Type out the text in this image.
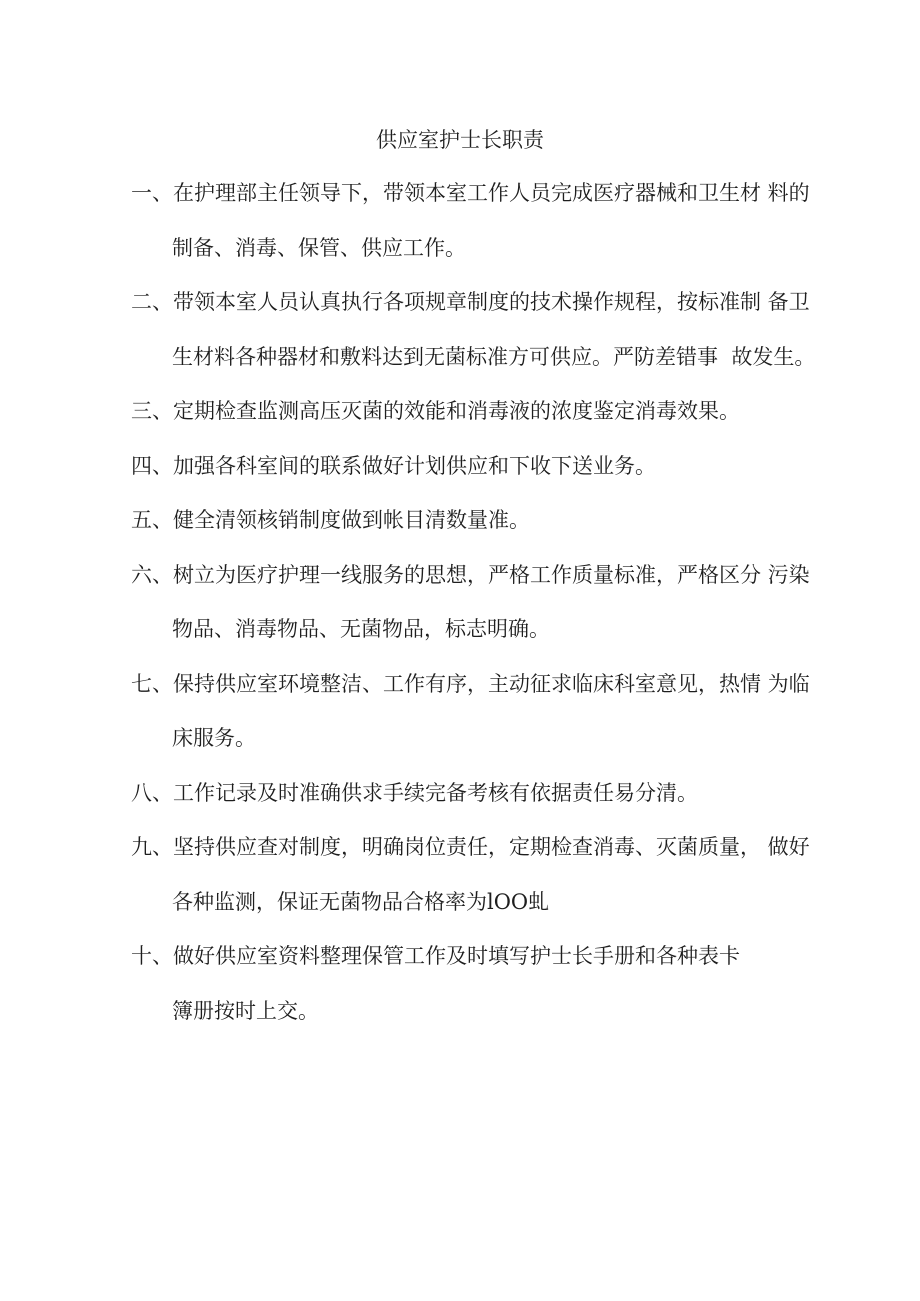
供应室护士长职责
一、在护理部主任领导下，带领本室工作人员完成医疗器械和卫生材 料的
制备、消毒、保管、供应工作。
二、带领本室人员认真执行各项规章制度的技术操作规程，按标准制 备卫
生材料各种器材和敷料达到无菌标准方可供应。严防差错事  故发生。
三、定期检查监测高压灭菌的效能和消毒液的浓度鉴定消毒效果。
四、加强各科室间的联系做好计划供应和下收下送业务。
五、健全清领核销制度做到帐目清数量准。
六、树立为医疗护理一线服务的思想，严格工作质量标准，严格区分 污染
物品、消毒物品、无菌物品，标志明确。
七、保持供应室环境整洁、工作有序，主动征求临床科室意见，热情 为临
床服务。
八、工作记录及时准确供求手续完备考核有依据责任易分清。
九、坚持供应查对制度，明确岗位责任，定期检查消毒、灭菌质量， 做好
各种监测，保证无菌物品合格率为lOO虬
十、做好供应室资料整理保管工作及时填写护士长手册和各种表卡
簿册按时上交。
